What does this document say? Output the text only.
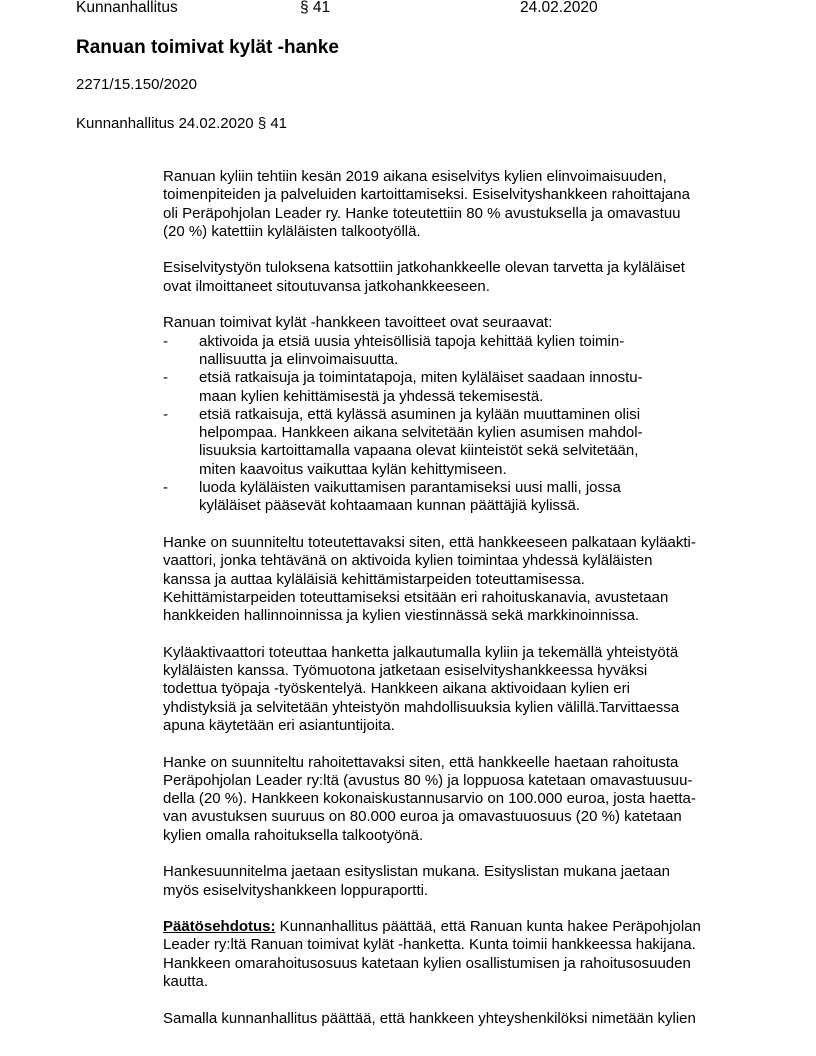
Kunnanhallitus	§ 41	24.02.2020
Ranuan toimivat kylät -hanke
2271/15.150/2020
Kunnanhallitus 24.02.2020 § 41
Ranuan kyliin tehtiin kesän 2019 aikana esiselvitys kylien elinvoimaisuuden,
toimenpiteiden ja palveluiden kartoittamiseksi. Esiselvityshankkeen rahoittajana
oli Peräpohjolan Leader ry. Hanke toteutettiin 80 % avustuksella ja omavastuu
(20 %) katettiin kyläläisten talkootyöllä.
Esiselvitystyön tuloksena katsottiin jatkohankkeelle olevan tarvetta ja kyläläiset
ovat ilmoittaneet sitoutuvansa jatkohankkeeseen.
Ranuan toimivat kylät -hankkeen tavoitteet ovat seuraavat:
- aktivoida ja etsiä uusia yhteisöllisiä tapoja kehittää kylien toimin-
nallisuutta ja elinvoimaisuutta.
- etsiä ratkaisuja ja toimintatapoja, miten kyläläiset saadaan innostu-
maan kylien kehittämisestä ja yhdessä tekemisestä.
- etsiä ratkaisuja, että kylässä asuminen ja kylään muuttaminen olisi
helpompaa. Hankkeen aikana selvitetään kylien asumisen mahdol-
lisuuksia kartoittamalla vapaana olevat kiinteistöt sekä selvitetään,
miten kaavoitus vaikuttaa kylän kehittymiseen.
- luoda kyläläisten vaikuttamisen parantamiseksi uusi malli, jossa
kyläläiset pääsevät kohtaamaan kunnan päättäjiä kylissä.
Hanke on suunniteltu toteutettavaksi siten, että hankkeeseen palkataan kyläakti-
vaattori, jonka tehtävänä on aktivoida kylien toimintaa yhdessä kyläläisten
kanssa ja auttaa kyläläisiä kehittämistarpeiden toteuttamisessa.
Kehittämistarpeiden toteuttamiseksi etsitään eri rahoituskanavia, avustetaan
hankkeiden hallinnoinnissa ja kylien viestinnässä sekä markkinoinnissa.
Kyläaktivaattori toteuttaa hanketta jalkautumalla kyliin ja tekemällä yhteistyötä
kyläläisten kanssa. Työmuotona jatketaan esiselvityshankkeessa hyväksi
todettua työpaja -työskentelyä. Hankkeen aikana aktivoidaan kylien eri
yhdistyksiä ja selvitetään yhteistyön mahdollisuuksia kylien välillä.Tarvittaessa
apuna käytetään eri asiantuntijoita.
Hanke on suunniteltu rahoitettavaksi siten, että hankkeelle haetaan rahoitusta
Peräpohjolan Leader ry:ltä (avustus 80 %) ja loppuosa katetaan omavastuusuu-
della (20 %). Hankkeen kokonaiskustannusarvio on 100.000 euroa, josta haetta-
van avustuksen suuruus on 80.000 euroa ja omavastuuosuus (20 %) katetaan
kylien omalla rahoituksella talkootyönä.
Hankesuunnitelma jaetaan esityslistan mukana. Esityslistan mukana jaetaan
myös esiselvityshankkeen loppuraportti.
Päätösehdotus: Kunnanhallitus päättää, että Ranuan kunta hakee Peräpohjolan
Leader ry:ltä Ranuan toimivat kylät -hanketta. Kunta toimii hankkeessa hakijana.
Hankkeen omarahoitusosuus katetaan kylien osallistumisen ja rahoitusosuuden
kautta.
Samalla kunnanhallitus päättää, että hankkeen yhteyshenkilöksi nimetään kylien
